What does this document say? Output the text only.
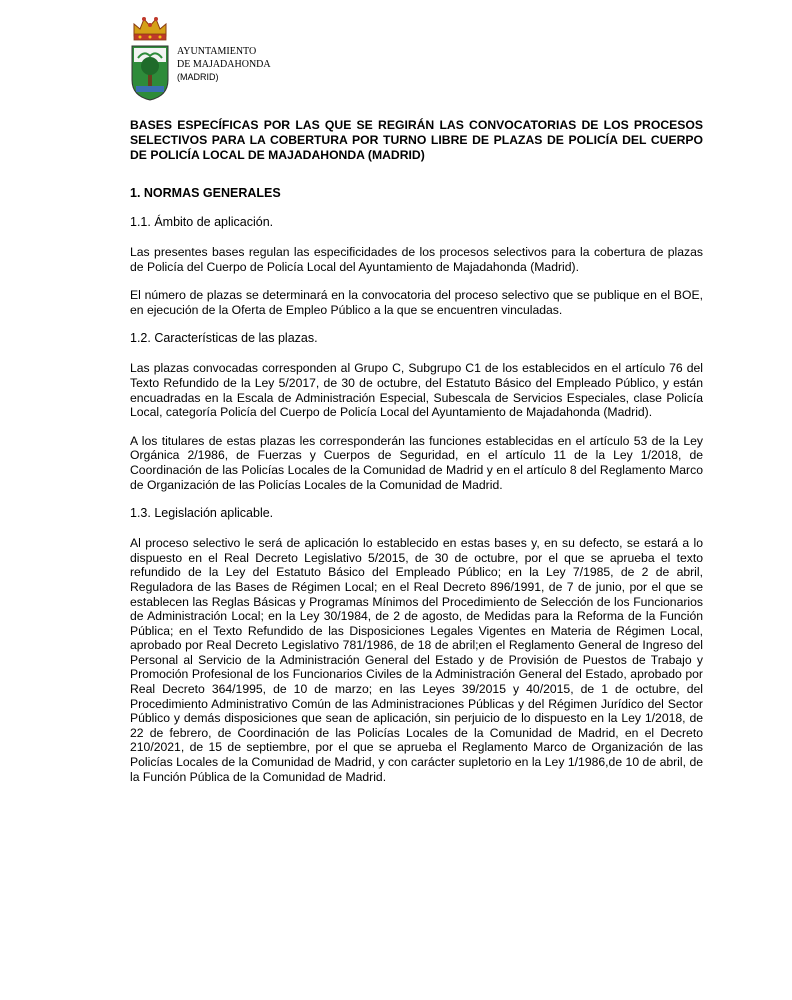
AYUNTAMIENTO
DE MAJADAHONDA
(MADRID)
BASES ESPECÍFICAS POR LAS QUE SE REGIRÁN LAS CONVOCATORIAS DE LOS PROCESOS SELECTIVOS PARA LA COBERTURA POR TURNO LIBRE DE PLAZAS DE POLICÍA DEL CUERPO DE POLICÍA LOCAL DE MAJADAHONDA (MADRID)
1. NORMAS GENERALES
1.1. Ámbito de aplicación.

Las presentes bases regulan las especificidades de los procesos selectivos para la cobertura de plazas de Policía del Cuerpo de Policía Local del Ayuntamiento de Majadahonda (Madrid).

El número de plazas se determinará en la convocatoria del proceso selectivo que se publique en el BOE, en ejecución de la Oferta de Empleo Público a la que se encuentren vinculadas.

1.2. Características de las plazas.

Las plazas convocadas corresponden al Grupo C, Subgrupo C1 de los establecidos en el artículo 76 del Texto Refundido de la Ley 5/2017, de 30 de octubre, del Estatuto Básico del Empleado Público, y están encuadradas en la Escala de Administración Especial, Subescala de Servicios Especiales, clase Policía Local, categoría Policía del Cuerpo de Policía Local del Ayuntamiento de Majadahonda (Madrid).

A los titulares de estas plazas les corresponderán las funciones establecidas en el artículo 53 de la Ley Orgánica 2/1986, de Fuerzas y Cuerpos de Seguridad, en el artículo 11 de la Ley 1/2018, de Coordinación de las Policías Locales de la Comunidad de Madrid y en el artículo 8 del Reglamento Marco de Organización de las Policías Locales de la Comunidad de Madrid.

1.3. Legislación aplicable.

Al proceso selectivo le será de aplicación lo establecido en estas bases y, en su defecto, se estará a lo dispuesto en el Real Decreto Legislativo 5/2015, de 30 de octubre, por el que se aprueba el texto refundido de la Ley del Estatuto Básico del Empleado Público; en la Ley 7/1985, de 2 de abril, Reguladora de las Bases de Régimen Local; en el Real Decreto 896/1991, de 7 de junio, por el que se establecen las Reglas Básicas y Programas Mínimos del Procedimiento de Selección de los Funcionarios de Administración Local; en la Ley 30/1984, de 2 de agosto, de Medidas para la Reforma de la Función Pública; en el Texto Refundido de las Disposiciones Legales Vigentes en Materia de Régimen Local, aprobado por Real Decreto Legislativo 781/1986, de 18 de abril;en el Reglamento General de Ingreso del Personal al Servicio de la Administración General del Estado y de Provisión de Puestos de Trabajo y Promoción Profesional de los Funcionarios Civiles de la Administración General del Estado, aprobado por Real Decreto 364/1995, de 10 de marzo; en las Leyes 39/2015 y 40/2015, de 1 de octubre, del Procedimiento Administrativo Común de las Administraciones Públicas y del Régimen Jurídico del Sector Público y demás disposiciones que sean de aplicación, sin perjuicio de lo dispuesto en la Ley 1/2018, de 22 de febrero, de Coordinación de las Policías Locales de la Comunidad de Madrid, en el Decreto 210/2021, de 15 de septiembre, por el que se aprueba el Reglamento Marco de Organización de las Policías Locales de la Comunidad de Madrid, y con carácter supletorio en la Ley 1/1986,de 10 de abril, de la Función Pública de la Comunidad de Madrid.
